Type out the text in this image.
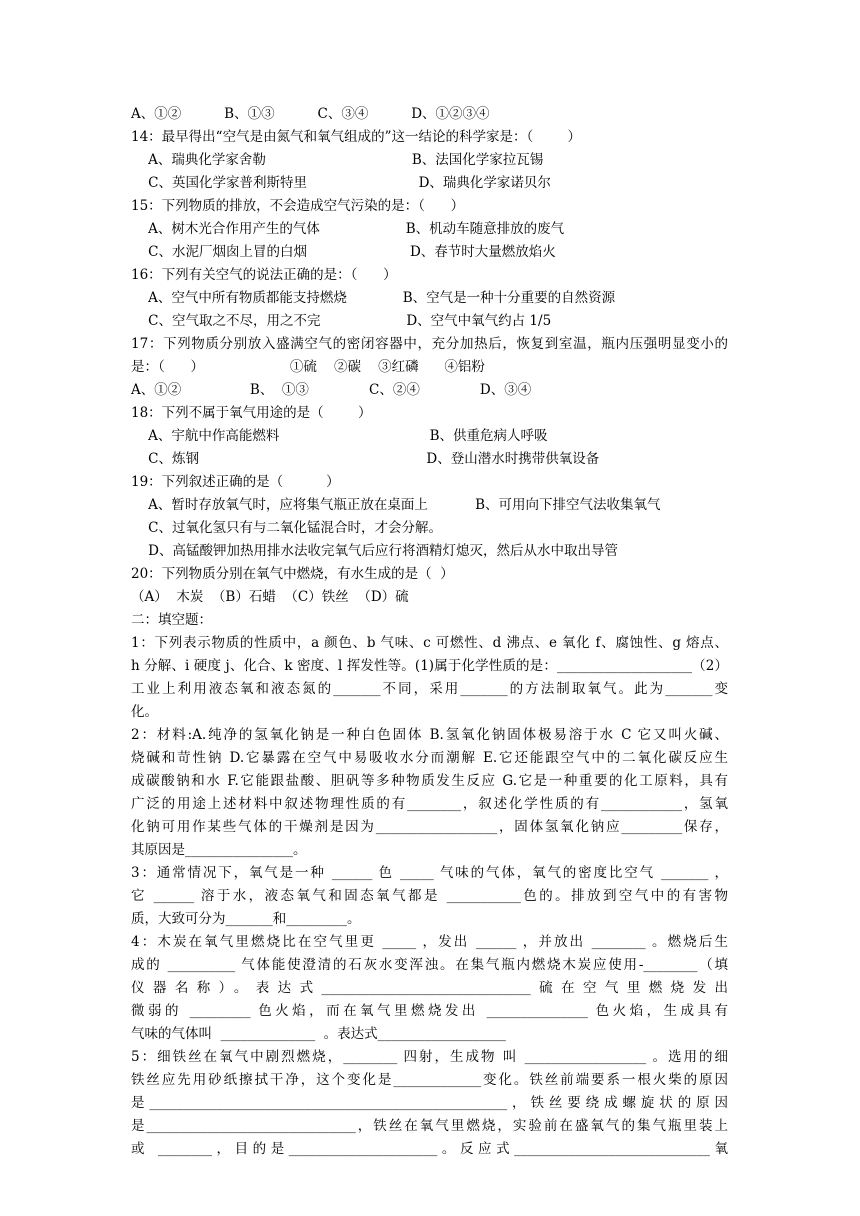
A、①②          B、①③          C、③④          D、①②③④
14：最早得出“空气是由氮气和氧气组成的”这一结论的科学家是：（        ）
A、瑞典化学家舍勒                                  B、法国化学家拉瓦锡
C、英国化学家普利斯特里                          D、瑞典化学家诺贝尔
15：下列物质的排放，不会造成空气污染的是：（      ）
A、树木光合作用产生的气体                    B、机动车随意排放的废气
C、水泥厂烟囱上冒的白烟                        D、春节时大量燃放焰火
16：下列有关空气的说法正确的是：（      ）
A、空气中所有物质都能支持燃烧             B、空气是一种十分重要的自然资源
C、空气取之不尽，用之不完                    D、空气中氧气约占 1/5
17：下列物质分别放入盛满空气的密闭容器中，充分加热后，恢复到室温，瓶内压强明显变小的
是：（      ）                    ①硫    ②碳    ③红磷      ④铝粉
A、①②                B、  ①③              C、②④              D、③④
18：下列不属于氧气用途的是（        ）
A、宇航中作高能燃料                                   B、供重危病人呼吸
C、炼钢                                                     D、登山潜水时携带供氧设备
19：下列叙述正确的是（          ）
A、暂时存放氧气时，应将集气瓶正放在桌面上           B、可用向下排空气法收集氧气
C、过氧化氢只有与二氧化锰混合时，才会分解。
D、高锰酸钾加热用排水法收完氧气后应行将酒精灯熄灭，然后从水中取出导管
20：下列物质分别在氧气中燃烧，有水生成的是（  ）
（A）  木炭  （B）石蜡  （C）铁丝  （D）硫
二：填空题：
1：下列表示物质的性质中，a 颜色、b 气味、c 可燃性、d 沸点、e 氧化 f、腐蚀性、g 熔点、
h 分解、i 硬度 j、化合、k 密度、l 挥发性等。(1)属于化学性质的是：____________________（2）
工业上利用液态氧和液态氮的_______不同，采用_______的方法制取氧气。此为_______变
化。
2：材料:A.纯净的氢氧化钠是一种白色固体 B.氢氧化钠固体极易溶于水 C 它又叫火碱、
烧碱和苛性钠 D.它暴露在空气中易吸收水分而潮解 E.它还能跟空气中的二氧化碳反应生
成碳酸钠和水 F.它能跟盐酸、胆矾等多种物质发生反应 G.它是一种重要的化工原料，具有
广泛的用途上述材料中叙述物理性质的有________，叙述化学性质的有____________，氢氧
化钠可用作某些气体的干燥剂是因为__________________，固体氢氧化钠应_________保存，
其原因是________________。
3：通常情况下，氧气是一种 ______ 色 _____ 气味的气体，氧气的密度比空气 _______ ，
它 ______ 溶于水，液态氧气和固态氧气都是 ___________色的。排放到空气中的有害物
质，大致可分为_______和_________。
4：木炭在氧气里燃烧比在空气里更 _____ ，发出 ______ ，并放出 ________ 。燃烧后生
成的 __________ 气体能使澄清的石灰水变浑浊。在集气瓶内燃烧木炭应使用-________（填
仪器名称）。表达式_______________________________硫在空气里燃烧发出
微弱的 _________ 色火焰，而在氧气里燃烧发出 _______________ 色火焰，生成具有
气味的气体叫  ______________  。表达式___________________
5：细铁丝在氧气中剧烈燃烧，________ 四射，生成物 叫 __________________ 。选用的细
铁丝应先用砂纸擦拭干净，这个变化是_____________变化。铁丝前端要系一根火柴的原因
是_____________________________________________________，铁丝要绕成螺旋状的原因
是_______________________________，铁丝在氧气里燃烧，实验前在盛氧气的集气瓶里装上
或 ________，目的是______________________。反应式_____________________________氧
